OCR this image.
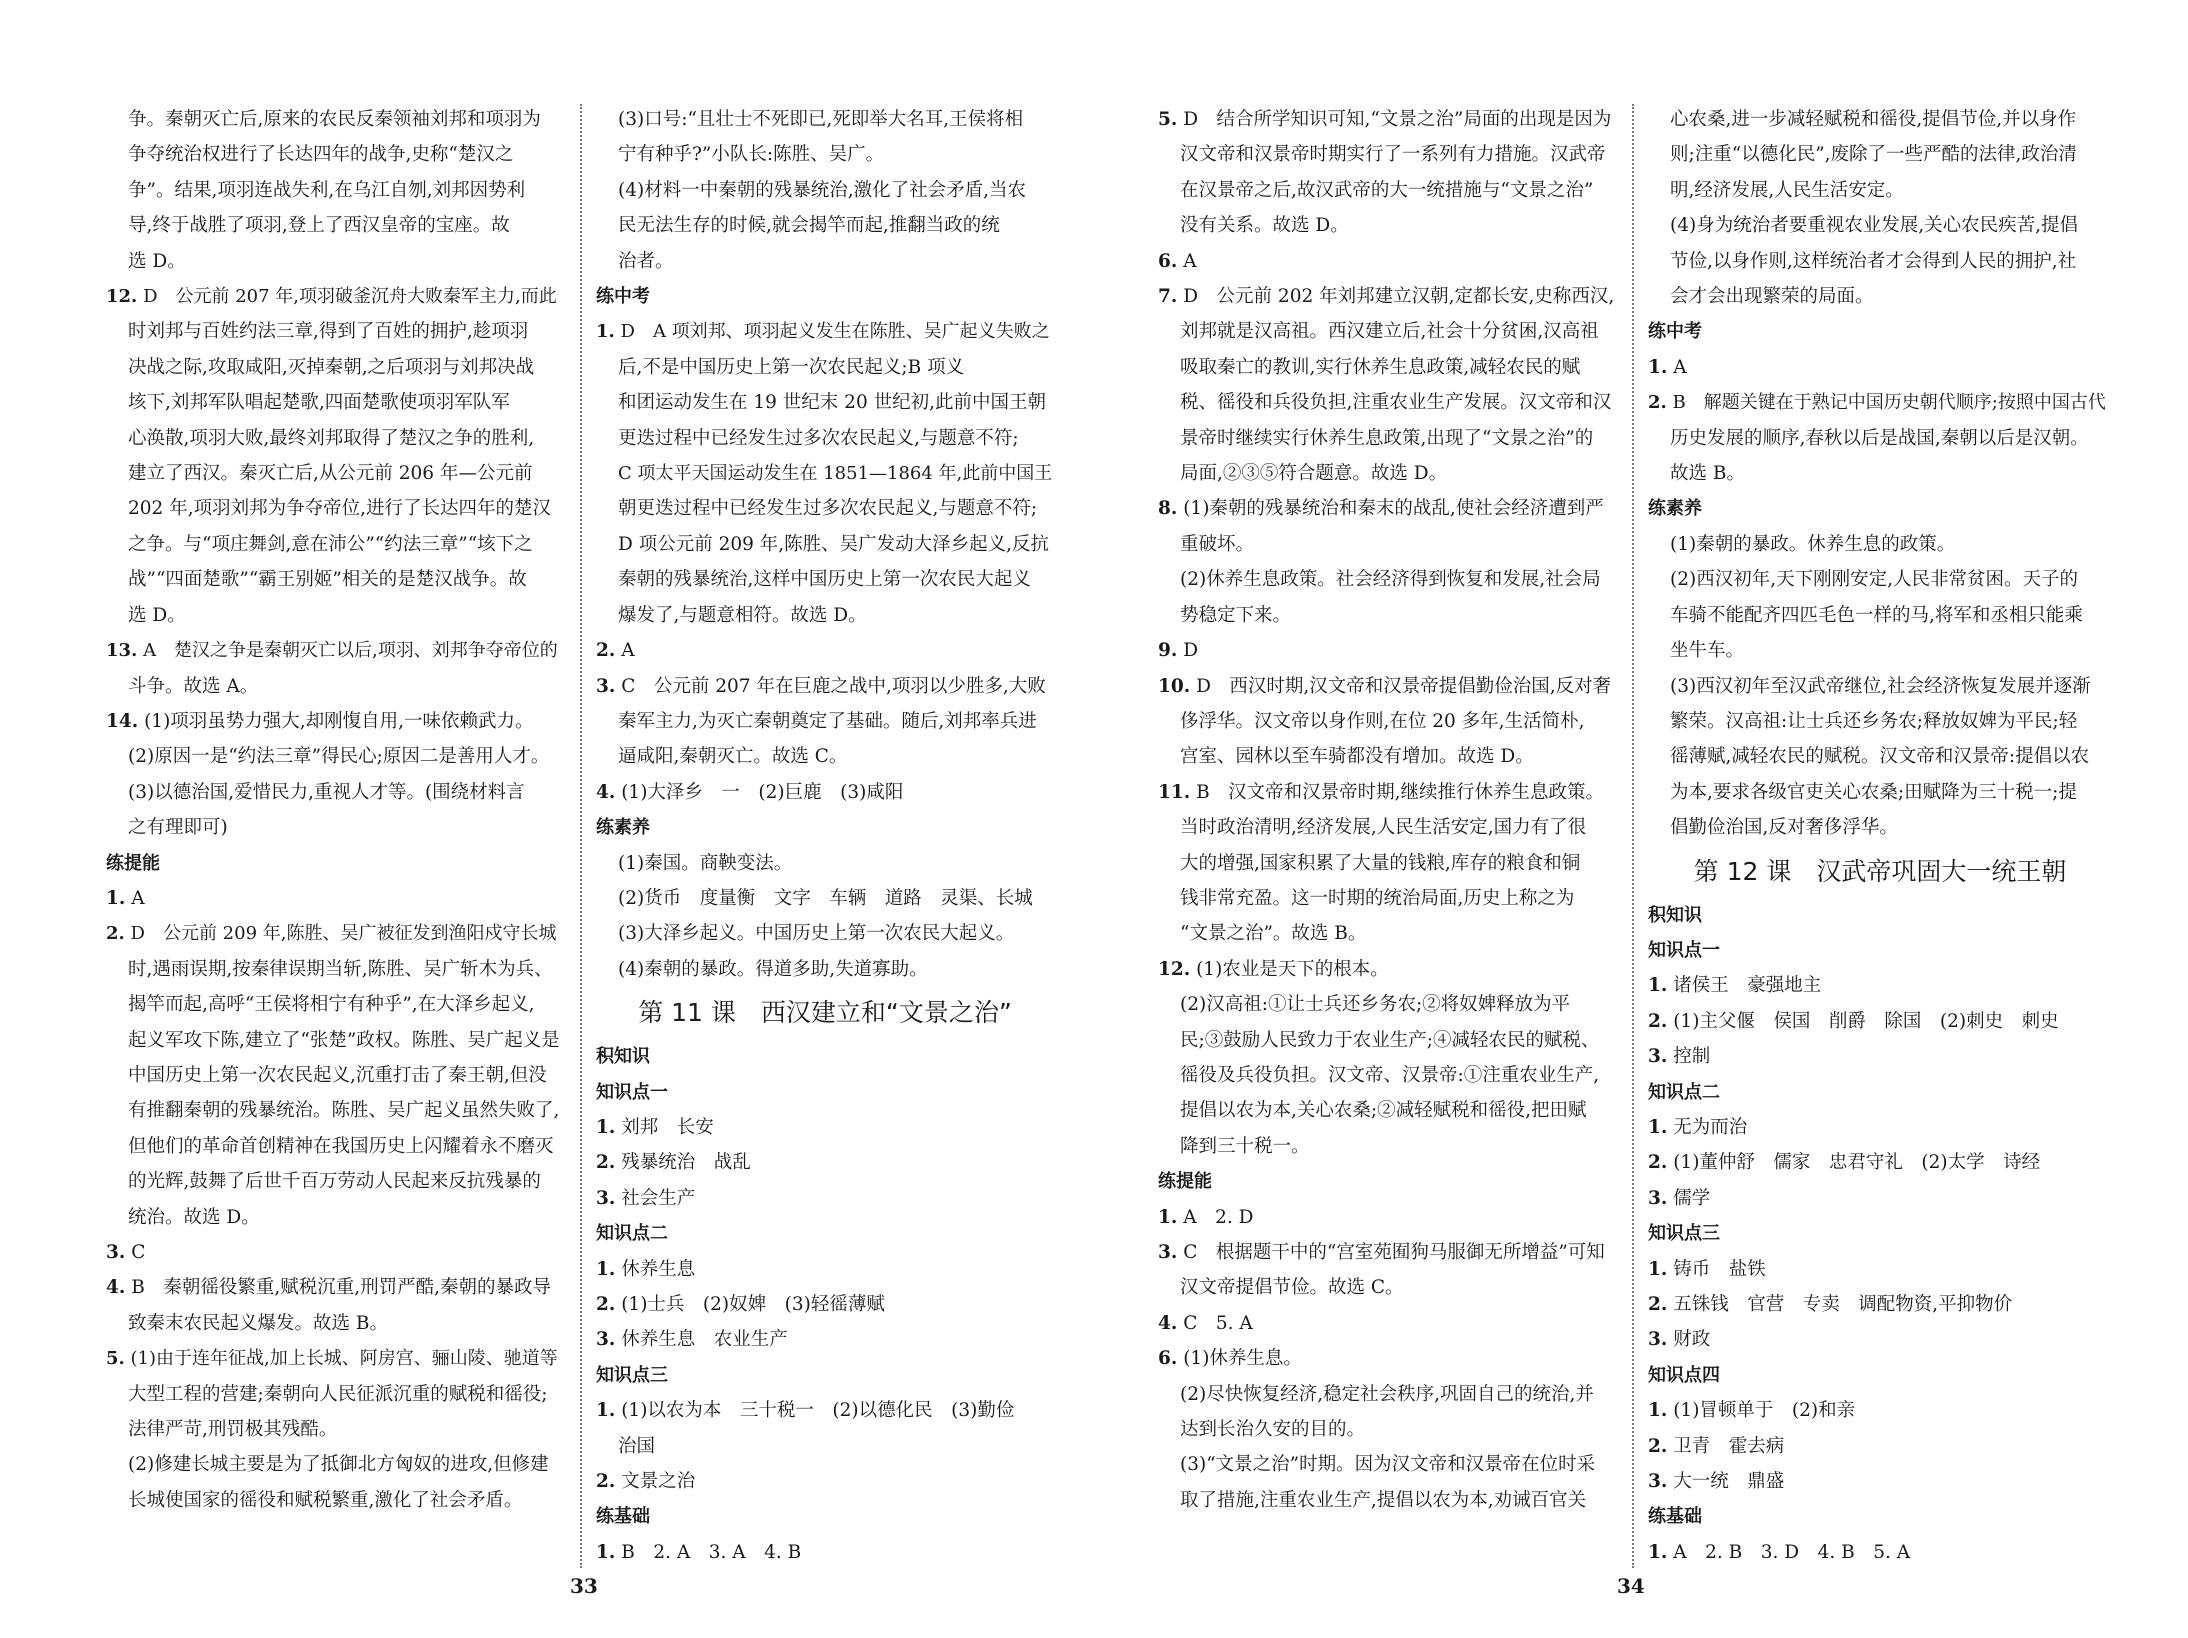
争。秦朝灭亡后,原来的农民反秦领袖刘邦和项羽为
争夺统治权进行了长达四年的战争,史称“楚汉之
争”。结果,项羽连战失利,在乌江自刎,刘邦因势利
导,终于战胜了项羽,登上了西汉皇帝的宝座。故
选 D。
12. D　公元前 207 年,项羽破釜沉舟大败秦军主力,而此
时刘邦与百姓约法三章,得到了百姓的拥护,趁项羽
决战之际,攻取咸阳,灭掉秦朝,之后项羽与刘邦决战
垓下,刘邦军队唱起楚歌,四面楚歌使项羽军队军
心涣散,项羽大败,最终刘邦取得了楚汉之争的胜利,
建立了西汉。秦灭亡后,从公元前 206 年—公元前
202 年,项羽刘邦为争夺帝位,进行了长达四年的楚汉
之争。与“项庄舞剑,意在沛公”“约法三章”“垓下之
战”“四面楚歌”“霸王别姬”相关的是楚汉战争。故
选 D。
13. A　楚汉之争是秦朝灭亡以后,项羽、刘邦争夺帝位的
斗争。故选 A。
14. (1)项羽虽势力强大,却刚愎自用,一味依赖武力。
(2)原因一是“约法三章”得民心;原因二是善用人才。
(3)以德治国,爱惜民力,重视人才等。(围绕材料言
之有理即可)
练提能
1. A
2. D　公元前 209 年,陈胜、吴广被征发到渔阳戍守长城
时,遇雨误期,按秦律误期当斩,陈胜、吴广斩木为兵、
揭竿而起,高呼“王侯将相宁有种乎”,在大泽乡起义,
起义军攻下陈,建立了“张楚”政权。陈胜、吴广起义是
中国历史上第一次农民起义,沉重打击了秦王朝,但没
有推翻秦朝的残暴统治。陈胜、吴广起义虽然失败了,
但他们的革命首创精神在我国历史上闪耀着永不磨灭
的光辉,鼓舞了后世千百万劳动人民起来反抗残暴的
统治。故选 D。
3. C
4. B　秦朝徭役繁重,赋税沉重,刑罚严酷,秦朝的暴政导
致秦末农民起义爆发。故选 B。
5. (1)由于连年征战,加上长城、阿房宫、骊山陵、驰道等
大型工程的营建;秦朝向人民征派沉重的赋税和徭役;
法律严苛,刑罚极其残酷。
(2)修建长城主要是为了抵御北方匈奴的进攻,但修建
长城使国家的徭役和赋税繁重,激化了社会矛盾。
(3)口号:“且壮士不死即已,死即举大名耳,王侯将相
宁有种乎?”小队长:陈胜、吴广。
(4)材料一中秦朝的残暴统治,激化了社会矛盾,当农
民无法生存的时候,就会揭竿而起,推翻当政的统
治者。
练中考
1. D　A 项刘邦、项羽起义发生在陈胜、吴广起义失败之
后,不是中国历史上第一次农民起义;B 项义
和团运动发生在 19 世纪末 20 世纪初,此前中国王朝
更迭过程中已经发生过多次农民起义,与题意不符;
C 项太平天国运动发生在 1851—1864 年,此前中国王
朝更迭过程中已经发生过多次农民起义,与题意不符;
D 项公元前 209 年,陈胜、吴广发动大泽乡起义,反抗
秦朝的残暴统治,这样中国历史上第一次农民大起义
爆发了,与题意相符。故选 D。
2. A
3. C　公元前 207 年在巨鹿之战中,项羽以少胜多,大败
秦军主力,为灭亡秦朝奠定了基础。随后,刘邦率兵进
逼咸阳,秦朝灭亡。故选 C。
4. (1)大泽乡　一　(2)巨鹿　(3)咸阳
练素养
(1)秦国。商鞅变法。
(2)货币　度量衡　文字　车辆　道路　灵渠、长城
(3)大泽乡起义。中国历史上第一次农民大起义。
(4)秦朝的暴政。得道多助,失道寡助。
第 11 课　西汉建立和“文景之治”
积知识
知识点一
1. 刘邦　长安
2. 残暴统治　战乱
3. 社会生产
知识点二
1. 休养生息
2. (1)士兵　(2)奴婢　(3)轻徭薄赋
3. 休养生息　农业生产
知识点三
1. (1)以农为本　三十税一　(2)以德化民　(3)勤俭
治国
2. 文景之治
练基础
1. B　2. A　3. A　4. B
5. D　结合所学知识可知,“文景之治”局面的出现是因为
汉文帝和汉景帝时期实行了一系列有力措施。汉武帝
在汉景帝之后,故汉武帝的大一统措施与“文景之治”
没有关系。故选 D。
6. A
7. D　公元前 202 年刘邦建立汉朝,定都长安,史称西汉,
刘邦就是汉高祖。西汉建立后,社会十分贫困,汉高祖
吸取秦亡的教训,实行休养生息政策,减轻农民的赋
税、徭役和兵役负担,注重农业生产发展。汉文帝和汉
景帝时继续实行休养生息政策,出现了“文景之治”的
局面,②③⑤符合题意。故选 D。
8. (1)秦朝的残暴统治和秦末的战乱,使社会经济遭到严
重破坏。
(2)休养生息政策。社会经济得到恢复和发展,社会局
势稳定下来。
9. D
10. D　西汉时期,汉文帝和汉景帝提倡勤俭治国,反对奢
侈浮华。汉文帝以身作则,在位 20 多年,生活简朴,
宫室、园林以至车骑都没有增加。故选 D。
11. B　汉文帝和汉景帝时期,继续推行休养生息政策。
当时政治清明,经济发展,人民生活安定,国力有了很
大的增强,国家积累了大量的钱粮,库存的粮食和铜
钱非常充盈。这一时期的统治局面,历史上称之为
“文景之治”。故选 B。
12. (1)农业是天下的根本。
(2)汉高祖:①让士兵还乡务农;②将奴婢释放为平
民;③鼓励人民致力于农业生产;④减轻农民的赋税、
徭役及兵役负担。汉文帝、汉景帝:①注重农业生产,
提倡以农为本,关心农桑;②减轻赋税和徭役,把田赋
降到三十税一。
练提能
1. A　2. D
3. C　根据题干中的“宫室苑囿狗马服御无所增益”可知
汉文帝提倡节俭。故选 C。
4. C　5. A
6. (1)休养生息。
(2)尽快恢复经济,稳定社会秩序,巩固自己的统治,并
达到长治久安的目的。
(3)“文景之治”时期。因为汉文帝和汉景帝在位时采
取了措施,注重农业生产,提倡以农为本,劝诫百官关
心农桑,进一步减轻赋税和徭役,提倡节俭,并以身作
则;注重“以德化民”,废除了一些严酷的法律,政治清
明,经济发展,人民生活安定。
(4)身为统治者要重视农业发展,关心农民疾苦,提倡
节俭,以身作则,这样统治者才会得到人民的拥护,社
会才会出现繁荣的局面。
练中考
1. A
2. B　解题关键在于熟记中国历史朝代顺序;按照中国古代
历史发展的顺序,春秋以后是战国,秦朝以后是汉朝。
故选 B。
练素养
(1)秦朝的暴政。休养生息的政策。
(2)西汉初年,天下刚刚安定,人民非常贫困。天子的
车骑不能配齐四匹毛色一样的马,将军和丞相只能乘
坐牛车。
(3)西汉初年至汉武帝继位,社会经济恢复发展并逐渐
繁荣。汉高祖:让士兵还乡务农;释放奴婢为平民;轻
徭薄赋,减轻农民的赋税。汉文帝和汉景帝:提倡以农
为本,要求各级官吏关心农桑;田赋降为三十税一;提
倡勤俭治国,反对奢侈浮华。
第 12 课　汉武帝巩固大一统王朝
积知识
知识点一
1. 诸侯王　豪强地主
2. (1)主父偃　侯国　削爵　除国　(2)刺史　刺史
3. 控制
知识点二
1. 无为而治
2. (1)董仲舒　儒家　忠君守礼　(2)太学　诗经
3. 儒学
知识点三
1. 铸币　盐铁
2. 五铢钱　官营　专卖　调配物资,平抑物价
3. 财政
知识点四
1. (1)冒顿单于　(2)和亲
2. 卫青　霍去病
3. 大一统　鼎盛
练基础
1. A　2. B　3. D　4. B　5. A
33	34
